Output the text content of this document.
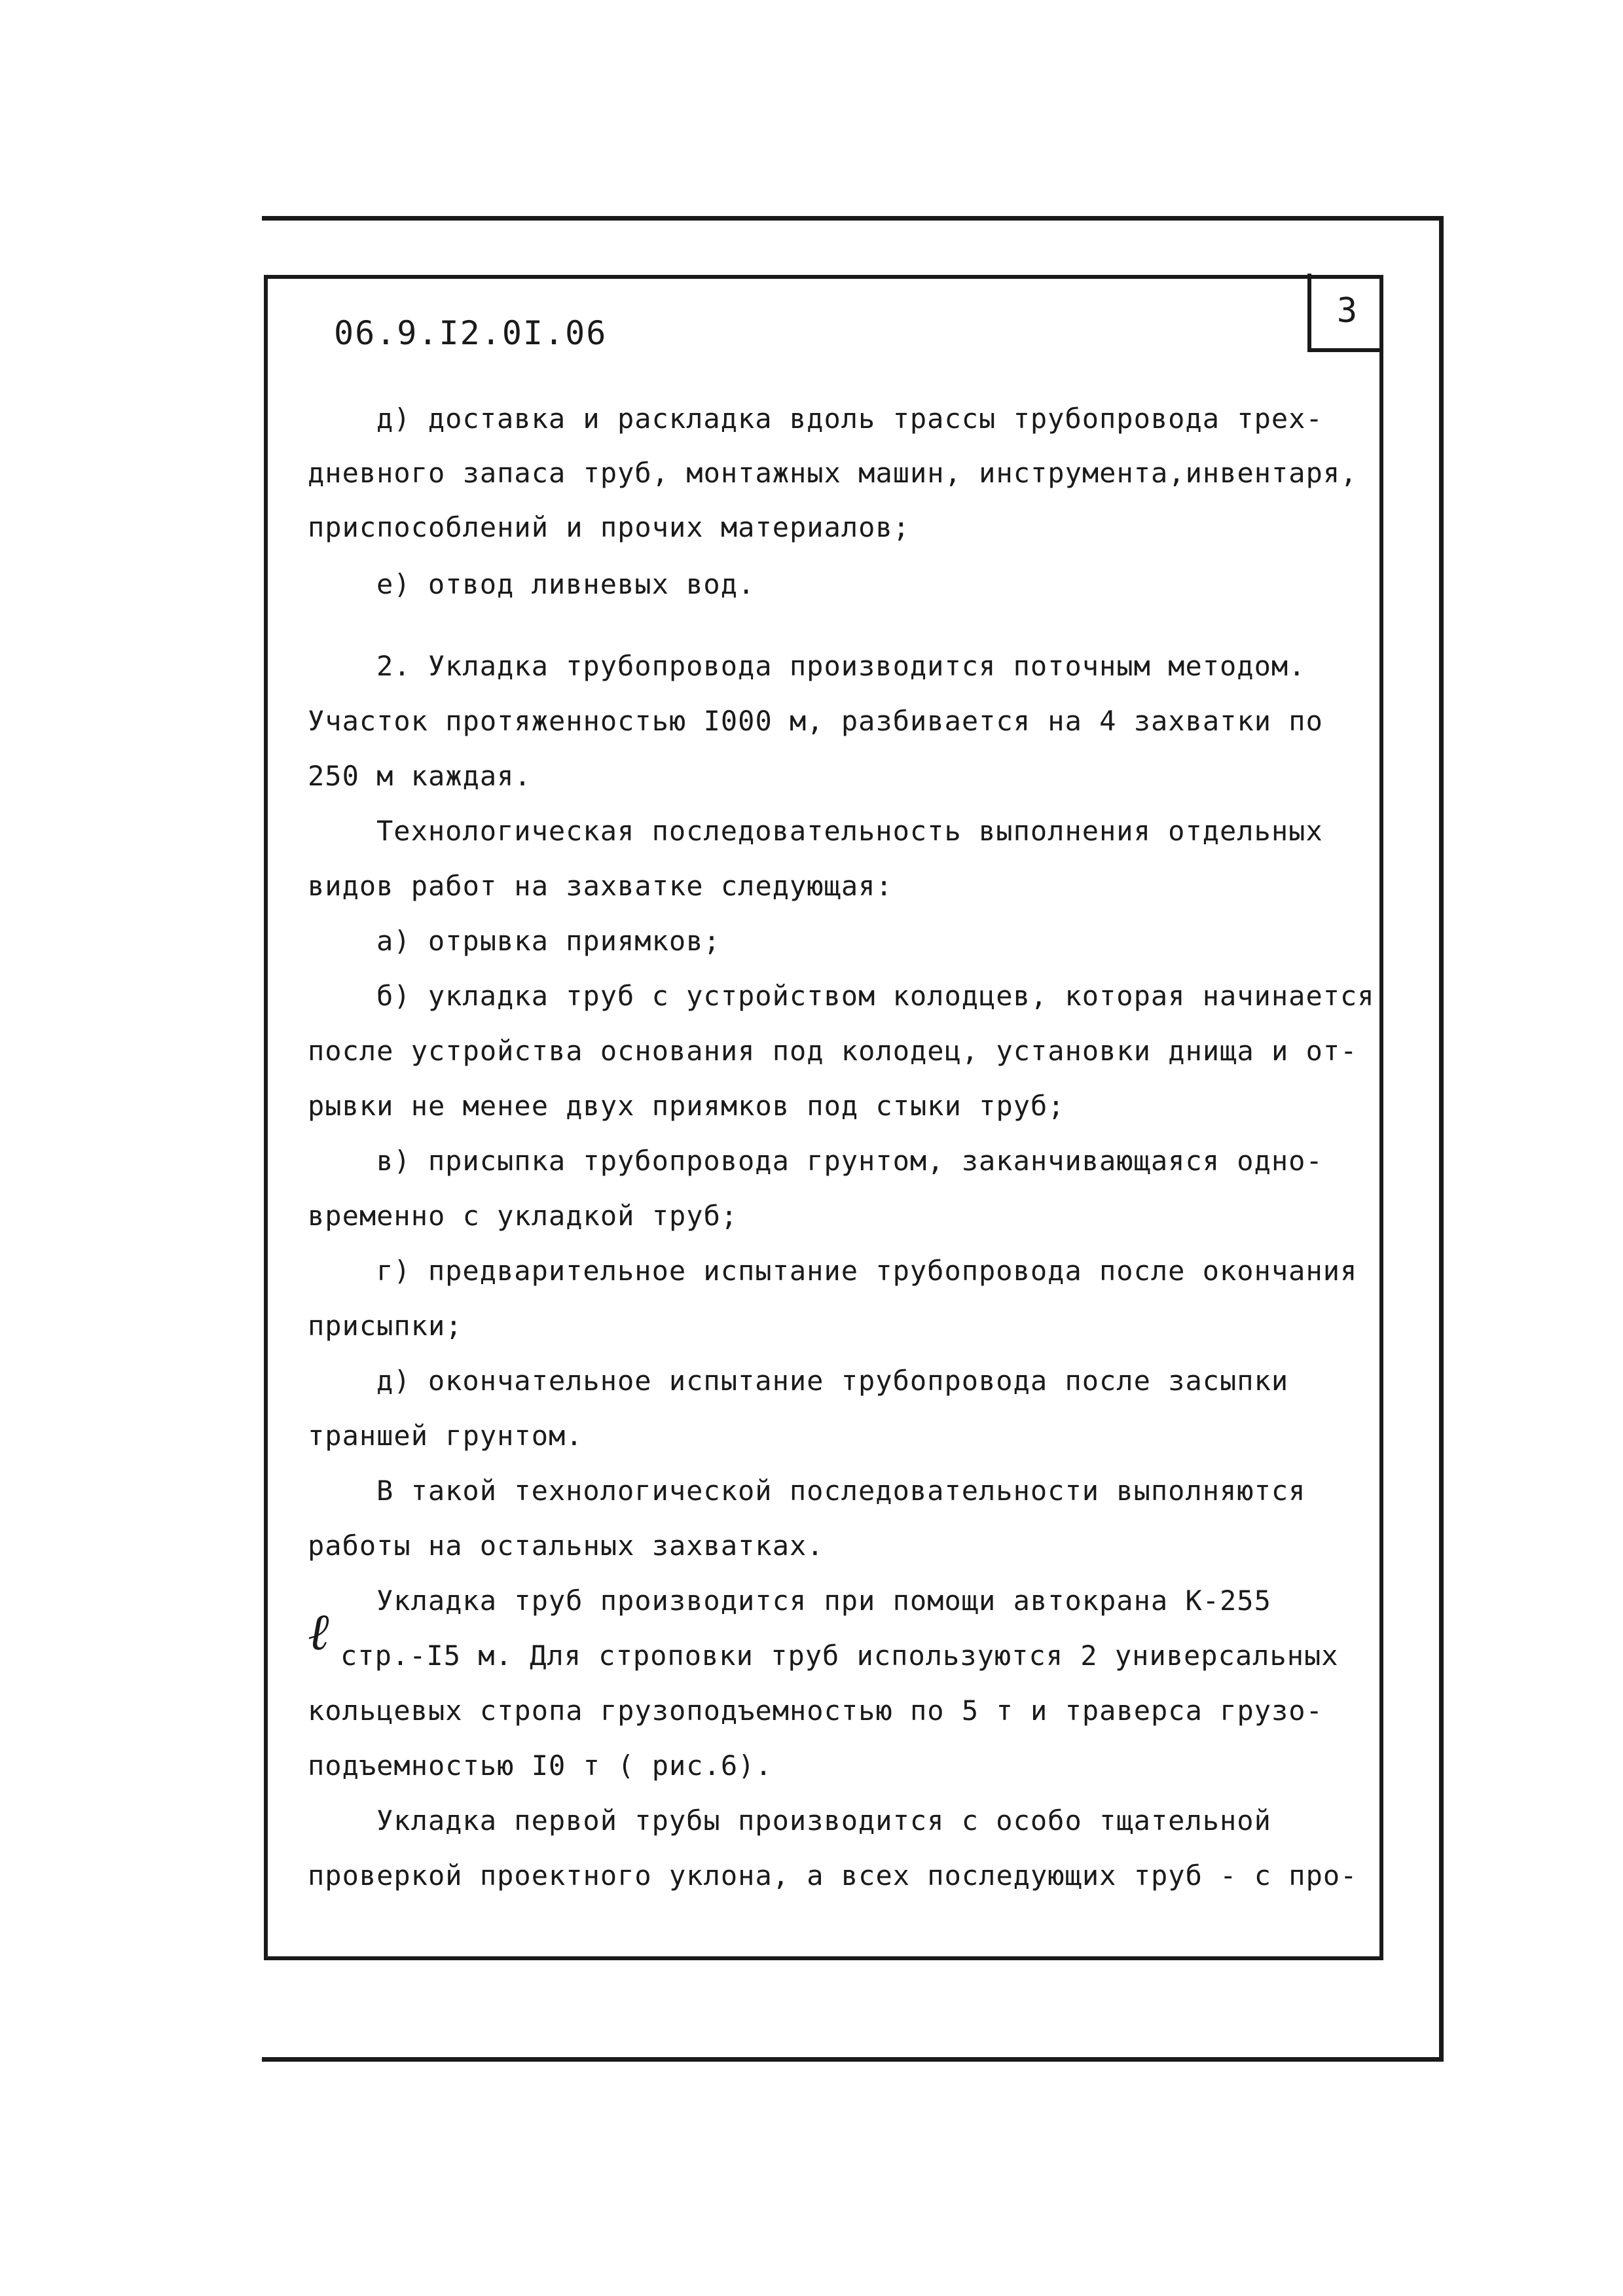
3
06.9.I2.0I.06
д) доставка и раскладка вдоль трассы трубопровода трех-
дневного запаса труб, монтажных машин, инструмента,инвентаря,
приспособлений и прочих материалов;
е) отвод ливневых вод.
2. Укладка трубопровода производится поточным методом.
Участок протяженностью I000 м, разбивается на 4 захватки по
250 м каждая.
Технологическая последовательность выполнения отдельных
видов работ на захватке следующая:
а) отрывка приямков;
б) укладка труб с устройством колодцев, которая начинается
после устройства основания под колодец, установки днища и от-
рывки не менее двух приямков под стыки труб;
в) присыпка трубопровода грунтом, заканчивающаяся одно-
временно с укладкой труб;
г) предварительное испытание трубопровода после окончания
присыпки;
д) окончательное испытание трубопровода после засыпки
траншей грунтом.
В такой технологической последовательности выполняются
работы на остальных захватках.
Укладка труб производится при помощи автокрана К-255
ℓ стр.-I5 м. Для строповки труб используются 2 универсальных
кольцевых стропа грузоподъемностью по 5 т и траверса грузо-
подъемностью I0 т ( рис.6).
Укладка первой трубы производится с особо тщательной
проверкой проектного уклона, а всех последующих труб - с про-
